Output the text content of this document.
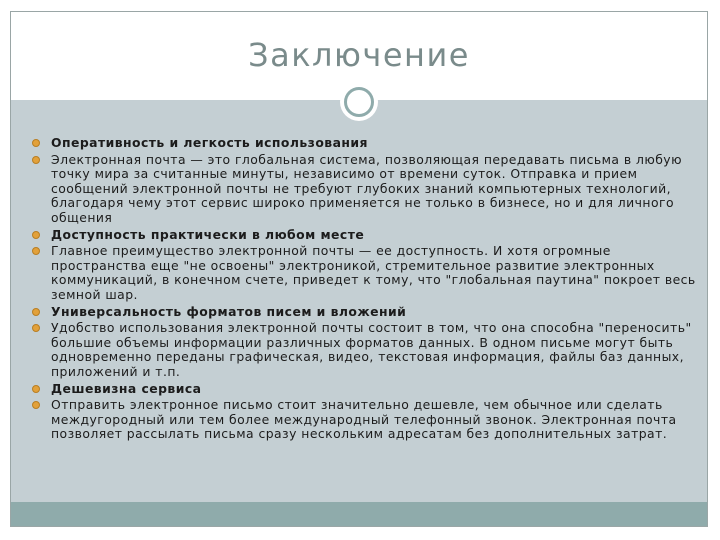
Заключение
Оперативность и легкость использования
Электронная почта — это глобальная система, позволяющая передавать письма в любую точку мира за считанные минуты, независимо от времени суток. Отправка и прием сообщений электронной почты не требуют глубоких знаний компьютерных технологий, благодаря чему этот сервис широко применяется не только в бизнесе, но и для личного общения
Доступность практически в любом месте
Главное преимущество электронной почты — ее доступность. И хотя огромные пространства еще "не освоены" электроникой, стремительное развитие электронных коммуникаций, в конечном счете, приведет к тому, что "глобальная паутина" покроет весь земной шар.
Универсальность форматов писем и вложений
Удобство использования электронной почты состоит в том, что она способна "переносить" большие объемы информации различных форматов данных. В одном письме могут быть одновременно переданы графическая, видео, текстовая информация, файлы баз данных, приложений и т.п.
Дешевизна сервиса
Отправить электронное письмо стоит значительно дешевле, чем обычное или сделать междугородный или тем более международный телефонный звонок. Электронная почта позволяет рассылать письма сразу нескольким адресатам без дополнительных затрат.
